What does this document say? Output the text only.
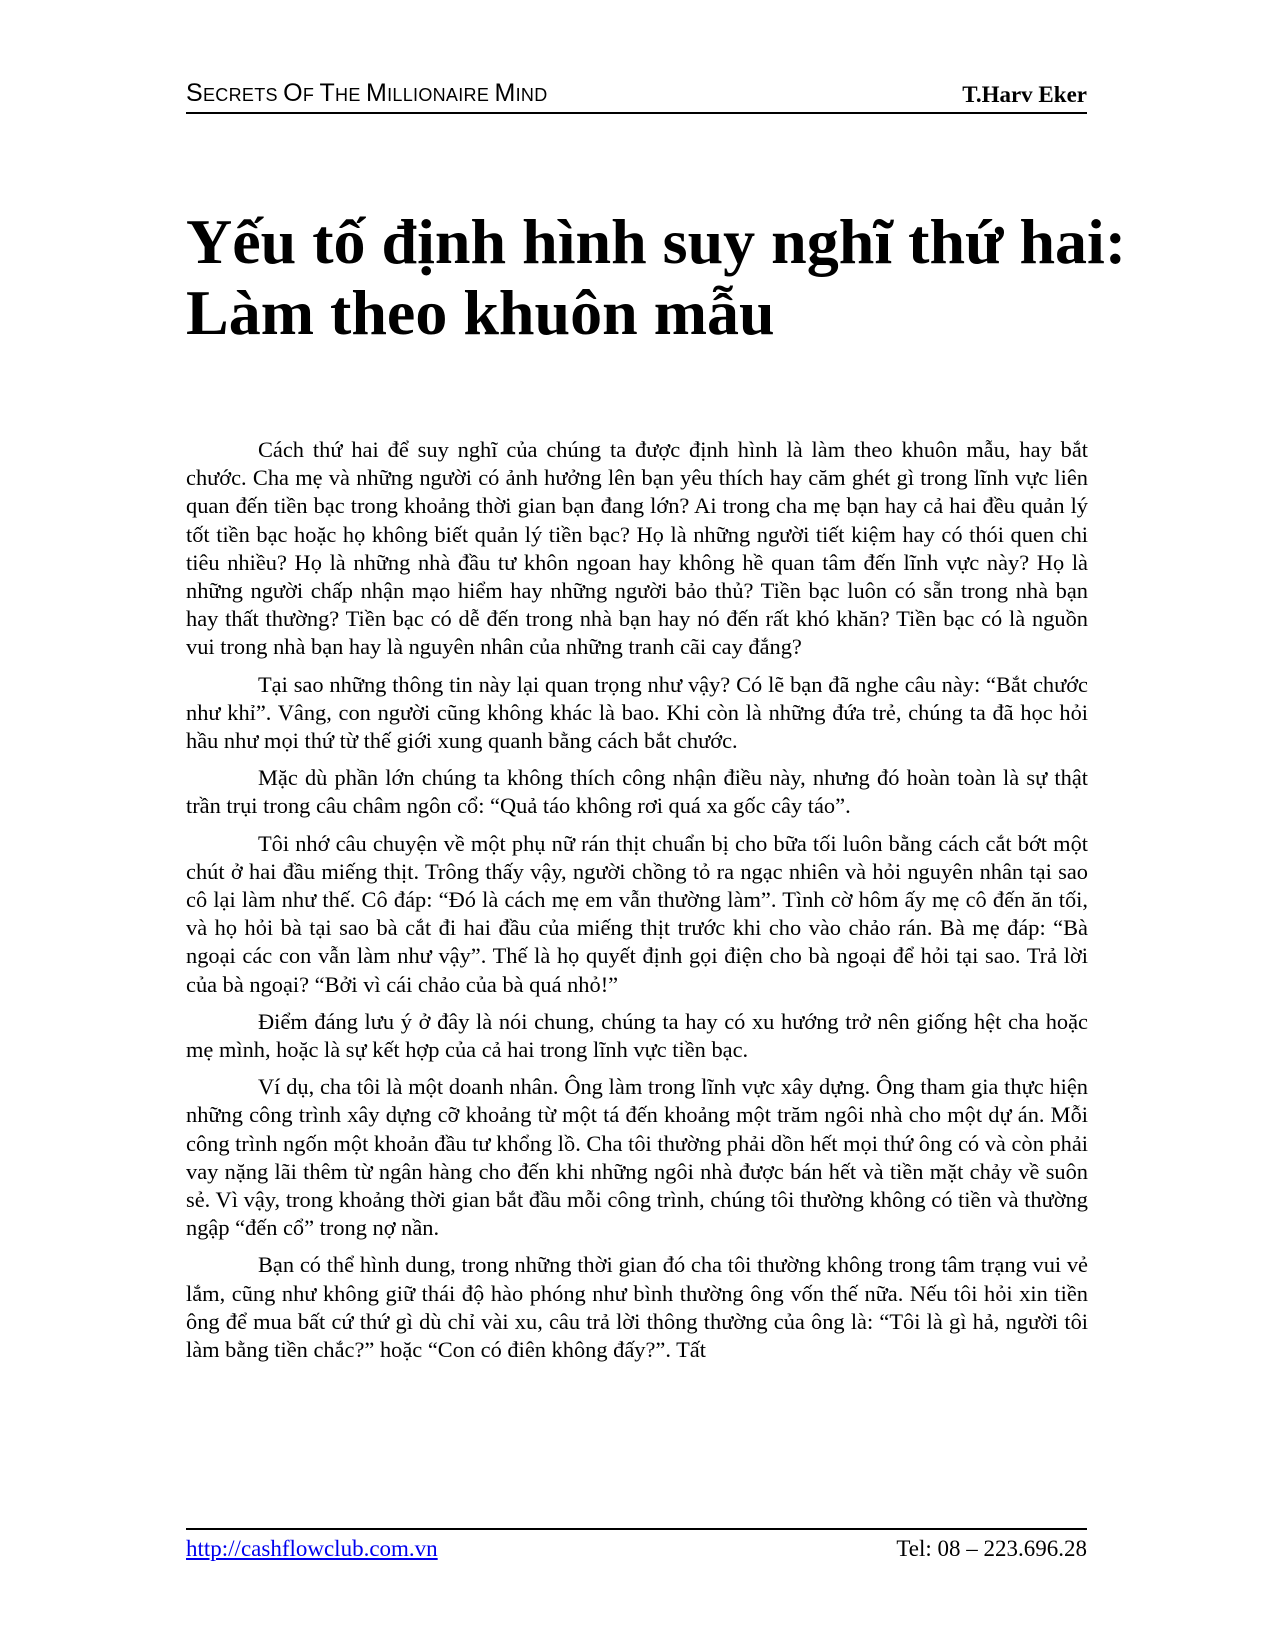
SECRETS OF THE MILLIONAIRE MIND	T.Harv Eker
Yếu tố định hình suy nghĩ thứ hai:
Làm theo khuôn mẫu

Cách thứ hai để suy nghĩ của chúng ta được định hình là làm theo khuôn mẫu, hay bắt chước. Cha mẹ và những người có ảnh hưởng lên bạn yêu thích hay căm ghét gì trong lĩnh vực liên quan đến tiền bạc trong khoảng thời gian bạn đang lớn? Ai trong cha mẹ bạn hay cả hai đều quản lý tốt tiền bạc hoặc họ không biết quản lý tiền bạc? Họ là những người tiết kiệm hay có thói quen chi tiêu nhiều? Họ là những nhà đầu tư khôn ngoan hay không hề quan tâm đến lĩnh vực này? Họ là những người chấp nhận mạo hiểm hay những người bảo thủ? Tiền bạc luôn có sẵn trong nhà bạn hay thất thường? Tiền bạc có dễ đến trong nhà bạn hay nó đến rất khó khăn? Tiền bạc có là nguồn vui trong nhà bạn hay là nguyên nhân của những tranh cãi cay đắng?

Tại sao những thông tin này lại quan trọng như vậy? Có lẽ bạn đã nghe câu này: “Bắt chước như khỉ”. Vâng, con người cũng không khác là bao. Khi còn là những đứa trẻ, chúng ta đã học hỏi hầu như mọi thứ từ thế giới xung quanh bằng cách bắt chước.

Mặc dù phần lớn chúng ta không thích công nhận điều này, nhưng đó hoàn toàn là sự thật trần trụi trong câu châm ngôn cổ: “Quả táo không rơi quá xa gốc cây táo”.

Tôi nhớ câu chuyện về một phụ nữ rán thịt chuẩn bị cho bữa tối luôn bằng cách cắt bớt một chút ở hai đầu miếng thịt. Trông thấy vậy, người chồng tỏ ra ngạc nhiên và hỏi nguyên nhân tại sao cô lại làm như thế. Cô đáp: “Đó là cách mẹ em vẫn thường làm”. Tình cờ hôm ấy mẹ cô đến ăn tối, và họ hỏi bà tại sao bà cắt đi hai đầu của miếng thịt trước khi cho vào chảo rán. Bà mẹ đáp: “Bà ngoại các con vẫn làm như vậy”. Thế là họ quyết định gọi điện cho bà ngoại để hỏi tại sao. Trả lời của bà ngoại? “Bởi vì cái chảo của bà quá nhỏ!”

Điểm đáng lưu ý ở đây là nói chung, chúng ta hay có xu hướng trở nên giống hệt cha hoặc mẹ mình, hoặc là sự kết hợp của cả hai trong lĩnh vực tiền bạc.

Ví dụ, cha tôi là một doanh nhân. Ông làm trong lĩnh vực xây dựng. Ông tham gia thực hiện những công trình xây dựng cỡ khoảng từ một tá đến khoảng một trăm ngôi nhà cho một dự án. Mỗi công trình ngốn một khoản đầu tư khổng lồ. Cha tôi thường phải dồn hết mọi thứ ông có và còn phải vay nặng lãi thêm từ ngân hàng cho đến khi những ngôi nhà được bán hết và tiền mặt chảy về suôn sẻ. Vì vậy, trong khoảng thời gian bắt đầu mỗi công trình, chúng tôi thường không có tiền và thường ngập “đến cổ” trong nợ nần.

Bạn có thể hình dung, trong những thời gian đó cha tôi thường không trong tâm trạng vui vẻ lắm, cũng như không giữ thái độ hào phóng như bình thường ông vốn thế nữa. Nếu tôi hỏi xin tiền ông để mua bất cứ thứ gì dù chỉ vài xu, câu trả lời thông thường của ông là: “Tôi là gì hả, người tôi làm bằng tiền chắc?” hoặc “Con có điên không đấy?”. Tất

http://cashflowclub.com.vn	Tel: 08 – 223.696.28
